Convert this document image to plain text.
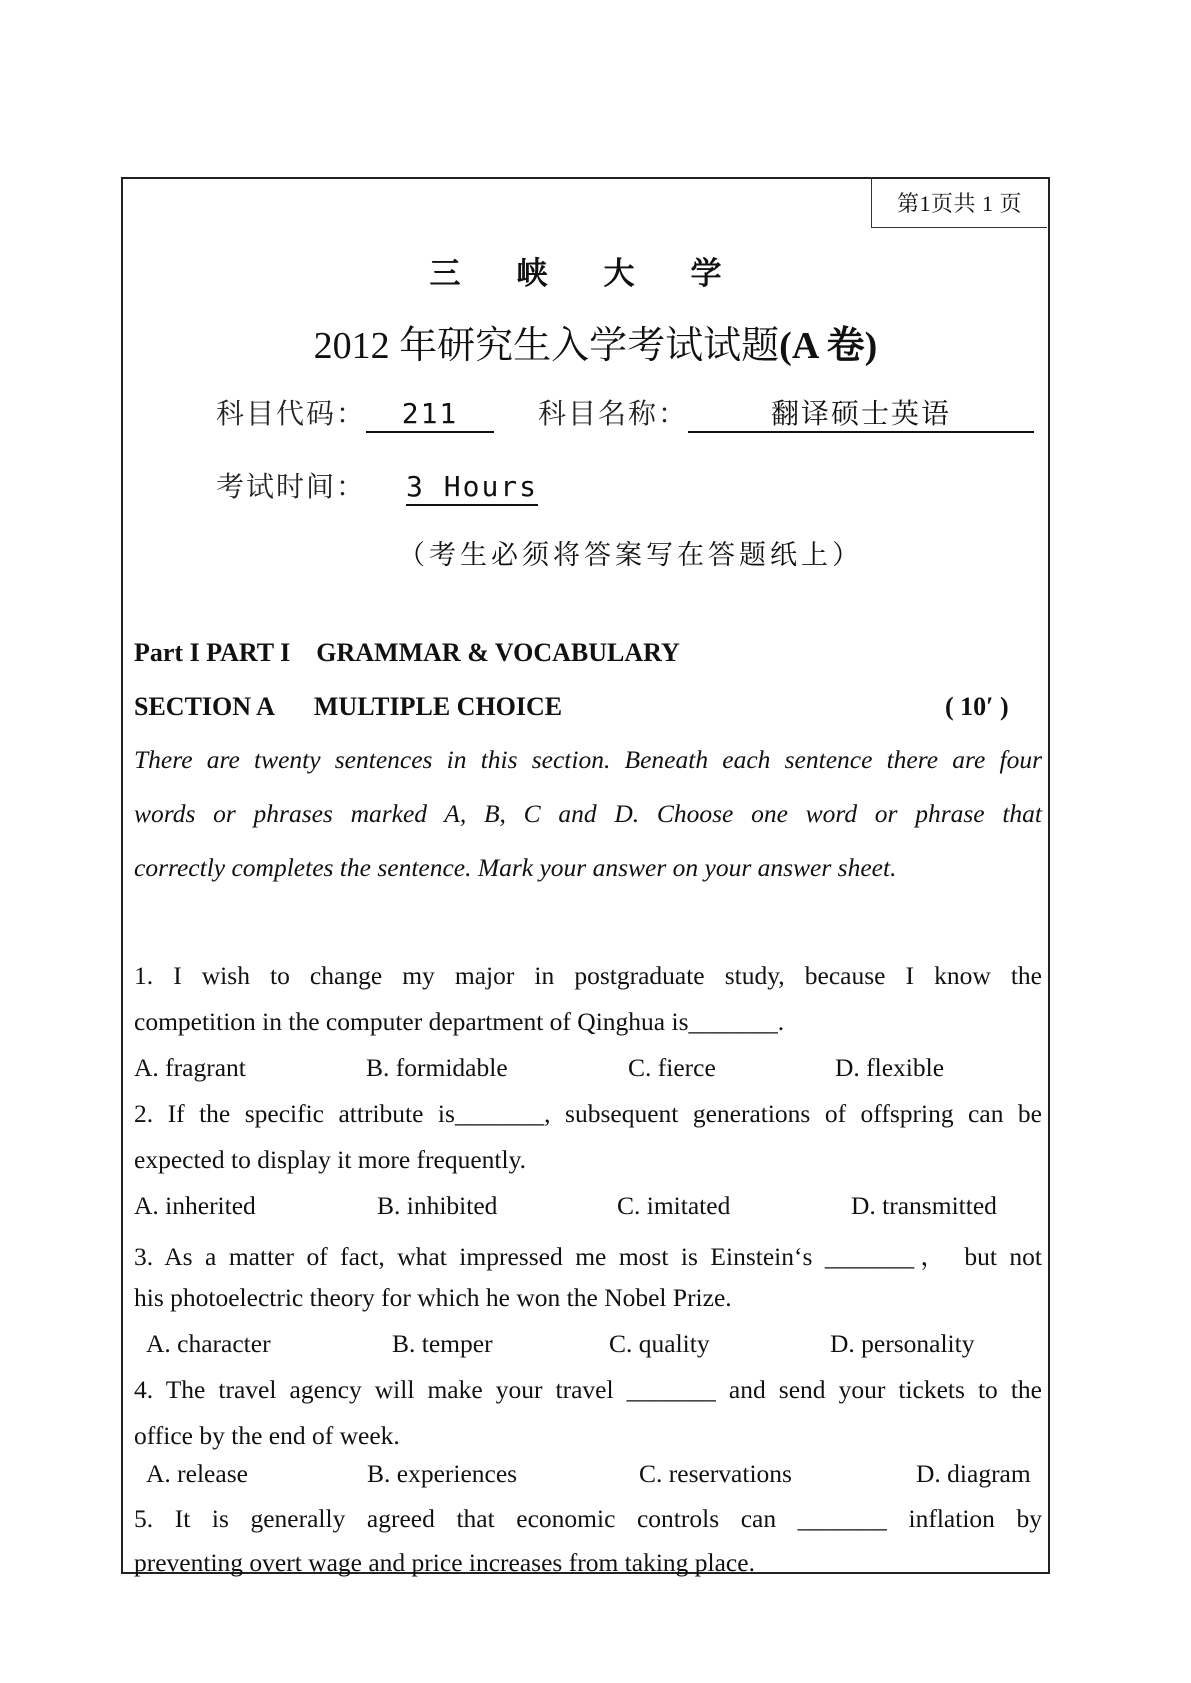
第1页共 1 页
三 峡 大 学
2012 年研究生入学考试试题(A 卷)
科目代码： 211	科目名称：	翻译硕士英语
考试时间： 3 Hours
（考生必须将答案写在答题纸上）
Part I PART I GRAMMAR & VOCABULARY
SECTION A  MULTIPLE CHOICE	( 10′ )
There are twenty sentences in this section. Beneath each sentence there are four
words or phrases marked A, B, C and D. Choose one word or phrase that
correctly completes the sentence. Mark your answer on your answer sheet.
1. I wish to change my major in postgraduate study, because I know the
competition in the computer department of Qinghua is_______.
A. fragrant	B. formidable	C. fierce	D. flexible
2. If the specific attribute is_______, subsequent generations of offspring can be
expected to display it more frequently.
A. inherited	B. inhibited	C. imitated	D. transmitted
3. As a matter of fact, what impressed me most is Einstein‘s _______， but not
his photoelectric theory for which he won the Nobel Prize.
A. character	B. temper	C. quality	D. personality
4. The travel agency will make your travel _______ and send your tickets to the
office by the end of week.
A. release	B. experiences	C. reservations	D. diagram
5. It is generally agreed that economic controls can _______ inflation by
preventing overt wage and price increases from taking place.
